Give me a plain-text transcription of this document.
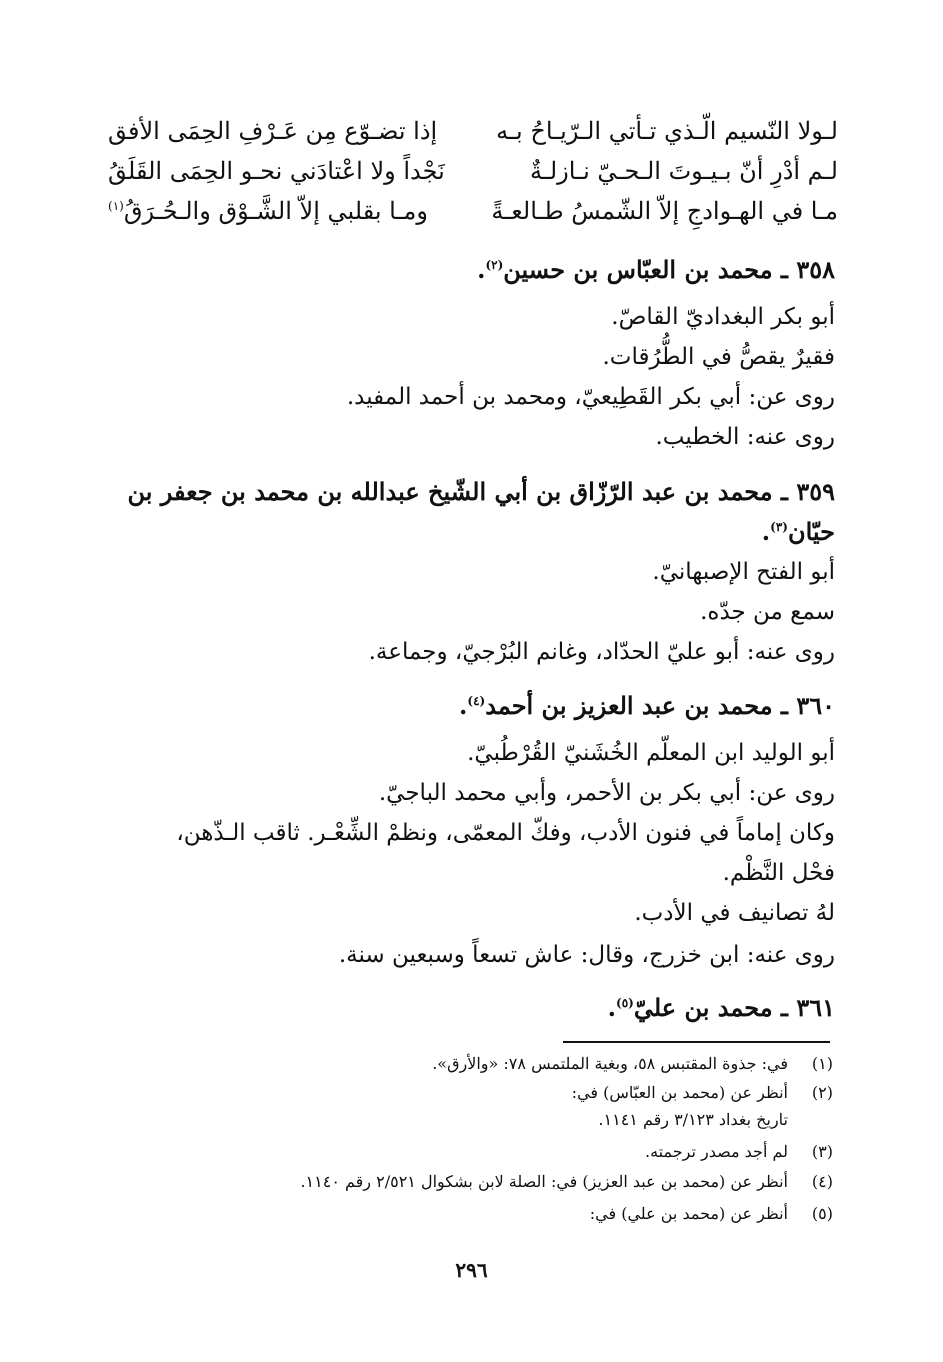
لـولا النّسيم الّـذي تـأتي الـرّيـاحُ بـه
إذا تضـوّع مِن عَـرْفِ الحِمَى الأفق
لـم أدْرِ أنّ بـيـوتَ الـحـيّ نـازلـةٌ
نَجْداً ولا اعْتادَني نحـو الحِمَى القَلَقُ
مـا في الهـوادجِ إلاّ الشّمسُ طـالعـةً
ومـا بقلبي إلاّ الشَّـوْق والـحُـرَقُ$^{(١)}$
٣٥٨ ـ محمد بن العبّاس بن حسين$^{(٢)}$.
أبو بكر البغداديّ القاصّ.
فقيرٌ يقصُّ في الطُّرُقات.
روى عن: أبي بكر القَطِيعيّ، ومحمد بن أحمد المفيد.
روى عنه: الخطيب.
٣٥٩ ـ محمد بن عبد الرّزّاق بن أبي الشّيخ عبدالله بن محمد بن جعفر بن
حيّان$^{(٣)}$.
أبو الفتح الإصبهانيّ.
سمع من جدّه.
روى عنه: أبو عليّ الحدّاد، وغانم البُرْجيّ، وجماعة.
٣٦٠ ـ محمد بن عبد العزيز بن أحمد$^{(٤)}$.
أبو الوليد ابن المعلّم الخُشَنيّ القُرْطُبيّ.
روى عن: أبي بكر بن الأحمر، وأبي محمد الباجيّ.
وكان إماماً في فنون الأدب، وفكّ المعمّى، ونظمْ الشِّعْـر. ثاقب الـذّهن،
فحْل النَّظْم.
لهُ تصانيف في الأدب.
روى عنه: ابن خزرج، وقال: عاش تسعاً وسبعين سنة.
٣٦١ ـ محمد بن عليّ$^{(٥)}$.
(١)
في: جذوة المقتبس ٥٨، وبغية الملتمس ٧٨: «والأرق».
(٢)
أنظر عن (محمد بن العبّاس) في:
تاريخ بغداد ٣/١٢٣ رقم ١١٤١.
(٣)
لم أجد مصدر ترجمته.
(٤)
أنظر عن (محمد بن عبد العزيز) في: الصلة لابن بشكوال ٢/٥٢١ رقم ١١٤٠.
(٥)
أنظر عن (محمد بن علي) في:
٢٩٦
